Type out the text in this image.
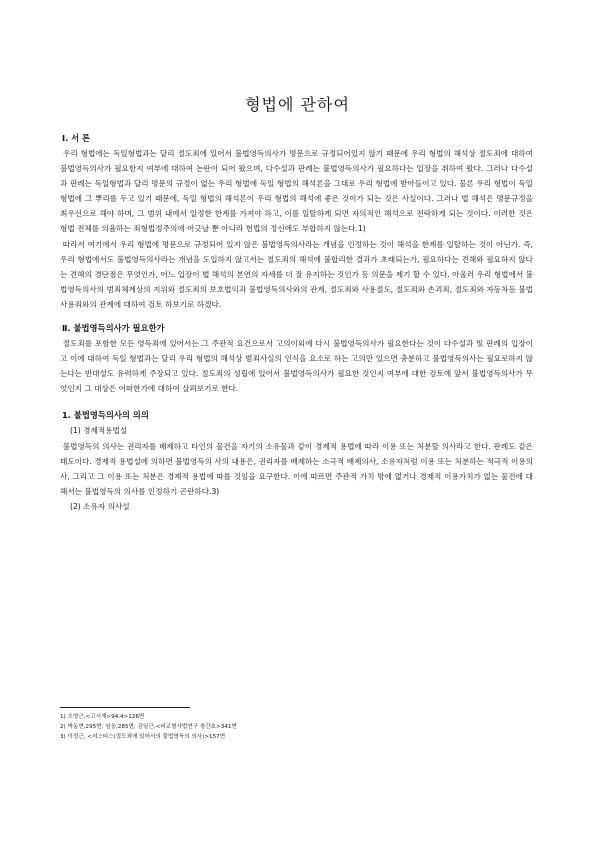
형법에 관하여
Ⅰ. 서 론

우리 형법에는 독일형법과는 달리 절도죄에 있어서 불법영득의사가 명문으로 규정되어있지 않기 때문에 우리 형법의 해석상 절도죄에 대하여 불법영득의사가 필요한지 여부에 대하여 논란이 되어 왔으며, 다수설과 판례는 불법영득의사가 필요하다는 입장을 취하여 왔다. 그러나 다수설과 판례는 독일형법과 달리 명문의 규정이 없는 우리 형법에 독일 형법의 해석론을 그대로 우리 형법에 받아들이고 있다. 물론 우리 형법이 독일 형법에 그 뿌리를 두고 있기 때문에, 독일 형법의 해석론이 우리 형법의 해석에 좋은 것이가 되는 것은 사실이다. 그러나 법 해석은 명문규정을 최우선으로 해야 하며, 그 범위 내에서 일정한 한계를 가져야 하고, 이를 일탈하게 되면 자의적인 해석으로 전락하게 되는 것이다. 이러한 것은 형법 전체를 의율하는 죄형법정주의에 어긋날 뿐 아니라 헌법의 정신에도 부합하지 않는다.1)

따라서 여기에서 우리 형법에 명문으로 규정되어 있지 않은 불법영득의사라는 개념을 인정하는 것이 해석을 한계를 일탈하는 것이 아닌가. 즉, 우리 형법에서도 불법영득의사라는 개념을 도입하지 않고서는 절도죄의 해석에 불합리한 결과가 초래되는가, 필요하다는 견해와 필요하지 않다는 견해의 경단점은 무엇인가, 어느 입장이 법 해석의 본연의 자세를 더 잘 유지하는 것인가 등 의문을 제기 할 수 있다. 아울러 우리 형법에서 불법영득의사의 범죄체계상의 지위와 절도죄의 보호법익과 불법영득의사와의 관계, 절도죄와 사용절도, 절도죄와 손괴죄, 절도죄와 자동차등 불법사용죄와의 관계에 대하여 검토 하보기로 하겠다.

Ⅱ. 불법영득의사가 필요한가

절도죄를 포함한 모든 영득죄에 있어서는 그 주관적 요건으로서 고의이외에 다시 불법영득의사가 필요한다는 것이 다수설과 및 판례의 입장이고 이에 대하여 독일 형법과는 달리 우리 형법의 해석상 범죄사실의 인식을 요소로 하는 고의만 있으면 충분하고 불법영득의사는 필요로하지 않는다는 반대설도 유력하게 주장되고 있다. 절도죄의 성립에 있어서 불법영득의사가 필요한 것인지 여부에 대한 검토에 앞서 불법영득의사가 무엇인지 그 대상은 어떠한가에 대하여 살펴보기로 한다.

1. 불법영득의사의 의의
(1) 경제적용법설

불법영득의 의사는 권리자를 배제하고 타인의 물건을 자기의 소유물과 같이 경제적 용법에 따라 이용 또는 처분할 의사라고 한다. 판례도 같은 태도이다. 경제적 용법설에 의하면 불법영득의 사의 내용은, 권리자를 배제하는 소극적 배제의사, 소유자처럼 이용 또는 처분하는 적극적 이용의사, 그리고 그 이용 또는 처분은 경제적 용법에 따를 것임을 요구한다. 이에 따르면 주관적 가치 밖에 없거나 경제적 이용가치가 없는 물건에 대해서는 불법영득의 의사를 인정하기 곤란하다.3)

(2) 소유자 의사설
1) 오영근,<고시계>94.4>126면
2) 박동현,295면; 임웅,285면; 김일근,<비교형사법연구 창간호>341면
3) 이정근, <저스티스(절도죄에 있어서의 불법영득의 의사)>157면
